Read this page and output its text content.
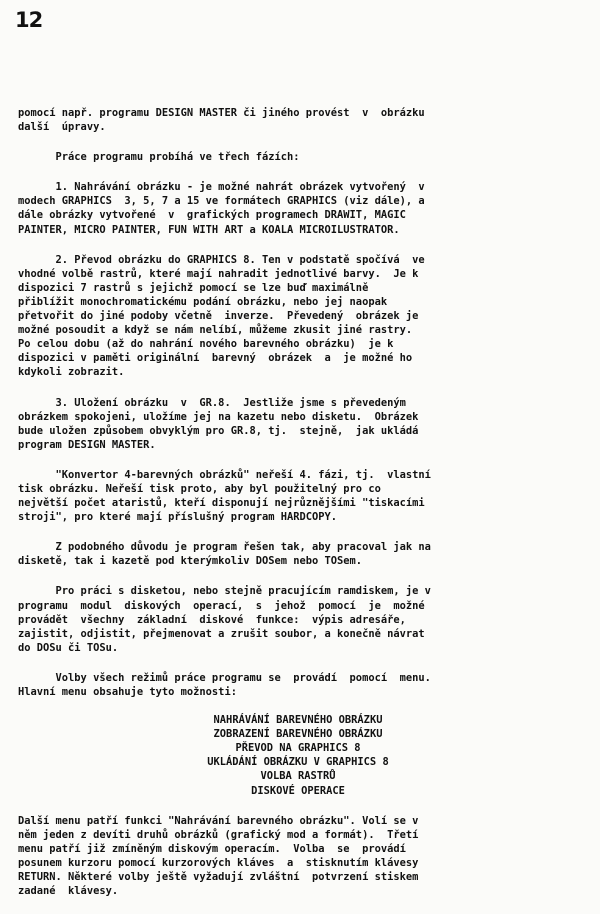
12
pomocí např. programu DESIGN MASTER či jiného provést  v  obrázku
další  úpravy.
Práce programu probíhá ve třech fázích:
1. Nahrávání obrázku - je možné nahrát obrázek vytvořený  v
modech GRAPHICS  3, 5, 7 a 15 ve formátech GRAPHICS (viz dále), a
dále obrázky vytvořené  v  grafických programech DRAWIT, MAGIC
PAINTER, MICRO PAINTER, FUN WITH ART a KOALA MICROILUSTRATOR.
2. Převod obrázku do GRAPHICS 8. Ten v podstatě spočívá  ve
vhodné volbě rastrů, které mají nahradit jednotlivé barvy.  Je k
dispozici 7 rastrů s jejichž pomocí se lze buď maximálně
přiblížit monochromatickému podání obrázku, nebo jej naopak
přetvořit do jiné podoby včetně  inverze.  Převedený  obrázek je
možné posoudit a když se nám nelíbí, můžeme zkusit jiné rastry.
Po celou dobu (až do nahrání nového barevného obrázku)  je k
dispozici v paměti originální  barevný  obrázek  a  je možné ho
kdykoli zobrazit.
3. Uložení obrázku  v  GR.8.  Jestliže jsme s převedeným
obrázkem spokojeni, uložíme jej na kazetu nebo disketu.  Obrázek
bude uložen způsobem obvyklým pro GR.8, tj.  stejně,  jak ukládá
program DESIGN MASTER.
"Konvertor 4-barevných obrázků" neřeší 4. fázi, tj.  vlastní
tisk obrázku. Neřeší tisk proto, aby byl použitelný pro co
největší počet ataristů, kteří disponují nejrůznějšími "tiskacími
stroji", pro které mají příslušný program HARDCOPY.
Z podobného důvodu je program řešen tak, aby pracoval jak na
disketě, tak i kazetě pod kterýmkoliv DOSem nebo TOSem.
Pro práci s disketou, nebo stejně pracujícím ramdiskem, je v
programu  modul  diskových  operací,  s  jehož  pomocí  je  možné
provádět  všechny  základní  diskové  funkce:  výpis adresáře,
zajistit, odjistit, přejmenovat a zrušit soubor, a konečně návrat
do DOSu či TOSu.
Volby všech režimů práce programu se  provádí  pomocí  menu.
Hlavní menu obsahuje tyto možnosti:
NAHRÁVÁNÍ BAREVNÉHO OBRÁZKU
ZOBRAZENÍ BAREVNÉHO OBRÁZKU
PŘEVOD NA GRAPHICS 8
UKLÁDÁNÍ OBRÁZKU V GRAPHICS 8
VOLBA RASTRŮ
DISKOVÉ OPERACE
Další menu patří funkci "Nahrávání barevného obrázku". Volí se v
něm jeden z devíti druhů obrázků (grafický mod a formát).  Třetí
menu patří již zmíněným diskovým operacím.  Volba  se  provádí
posunem kurzoru pomocí kurzorových kláves  a  stisknutím klávesy
RETURN. Některé volby ještě vyžadují zvláštní  potvrzení stiskem
zadané  klávesy.
